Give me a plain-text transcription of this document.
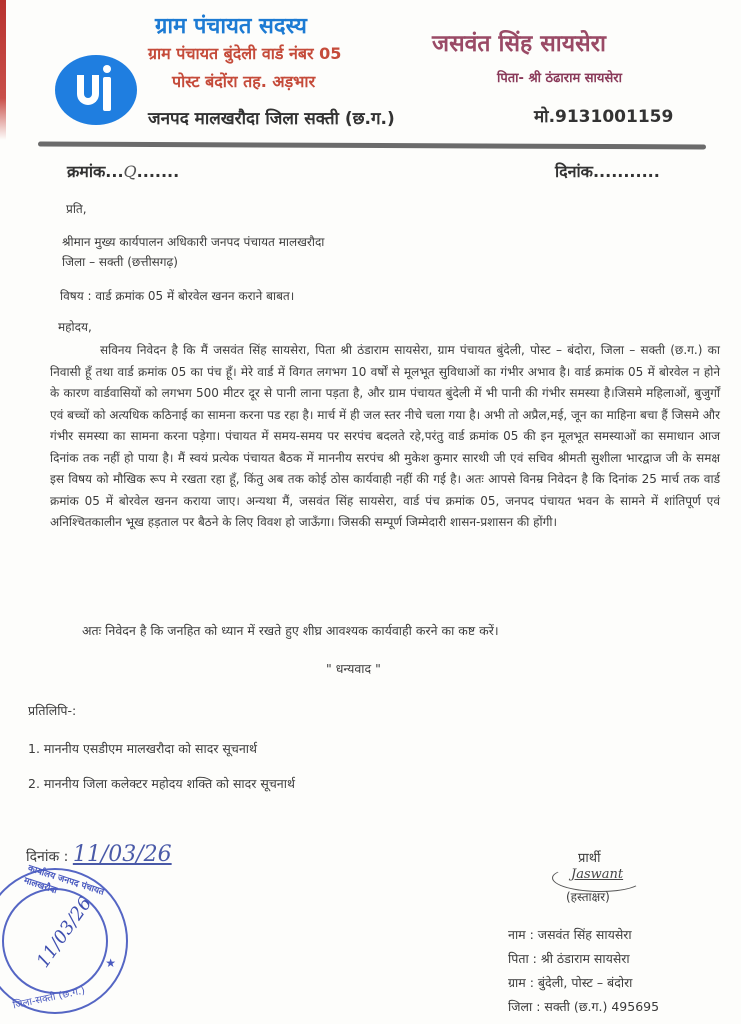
ग्राम पंचायत सदस्य
ग्राम पंचायत बुंदेली वार्ड नंबर 05
पोस्ट बंदोंरा तह. अड़भार
जनपद मालखरौदा जिला सक्ती (छ.ग.)
जसवंत सिंह सायसेरा
पिता- श्री ठंढाराम सायसेरा
मो.9131001159
क्रमांक...Q.......	दिनांक...........
प्रति,
श्रीमान मुख्य कार्यपालन अधिकारी जनपद पंचायत मालखरौदा
जिला – सक्ती (छत्तीसगढ़)
विषय : वार्ड क्रमांक 05 में बोरवेल खनन कराने बाबत।
महोदय,
सविनय निवेदन है कि मैं जसवंत सिंह सायसेरा, पिता श्री ठंडाराम सायसेरा, ग्राम पंचायत बुंदेली, पोस्ट – बंदोरा, जिला – सक्ती (छ.ग.) का निवासी हूँ तथा वार्ड क्रमांक 05 का पंच हूँ। मेरे वार्ड में विगत लगभग 10 वर्षों से मूलभूत सुविधाओं का गंभीर अभाव है। वार्ड क्रमांक 05 में बोरवेल न होने के कारण वार्डवासियों को लगभग 500 मीटर दूर से पानी लाना पड़ता है, और ग्राम पंचायत बुंदेली में भी पानी की गंभीर समस्या है।जिसमे महिलाओं, बुजुर्गों एवं बच्चों को अत्यधिक कठिनाई का सामना करना पड रहा है। मार्च में ही जल स्तर नीचे चला गया है। अभी तो अप्रैल,मई, जून का माहिना बचा हैं जिसमे और गंभीर समस्या का सामना करना पड़ेगा। पंचायत में समय-समय पर सरपंच बदलते रहे,परंतु वार्ड क्रमांक 05 की इन मूलभूत समस्याओं का समाधान आज दिनांक तक नहीं हो पाया है। मैं स्वयं प्रत्येक पंचायत बैठक में माननीय सरपंच श्री मुकेश कुमार सारथी जी एवं सचिव श्रीमती सुशीला भारद्वाज जी के समक्ष इस विषय को मौखिक रूप मे रखता रहा हूँ, किंतु अब तक कोई ठोस कार्यवाही नहीं की गई है। अतः आपसे विनम्र निवेदन है कि दिनांक 25 मार्च तक वार्ड क्रमांक 05 में बोरवेल खनन कराया जाए। अन्यथा मैं, जसवंत सिंह सायसेरा, वार्ड पंच क्रमांक 05, जनपद पंचायत भवन के सामने में शांतिपूर्ण एवं अनिश्चितकालीन भूख हड़ताल पर बैठने के लिए विवश हो जाऊँगा। जिसकी सम्पूर्ण जिम्मेदारी शासन-प्रशासन की होंगी।
अतः निवेदन है कि जनहित को ध्यान में रखते हुए शीघ्र आवश्यक कार्यवाही करने का कष्ट करें।
" धन्यवाद "
प्रतिलिपि-:
1. माननीय एसडीएम मालखरौदा को सादर सूचनार्थ
2. माननीय जिला कलेक्टर महोदय शक्ति को सादर सूचनार्थ
दिनांक : 11/03/26
कार्यालय जनपद पंचायत मालखरौदा
11/03/26 ★
जिला-सक्ती (छ.ग.)
प्रार्थी
Jaswant
(हस्ताक्षर)
नाम : जसवंत सिंह सायसेरा
पिता : श्री ठंडाराम सायसेरा
ग्राम : बुंदेली, पोस्ट – बंदोरा
जिला : सक्ती (छ.ग.) 495695
